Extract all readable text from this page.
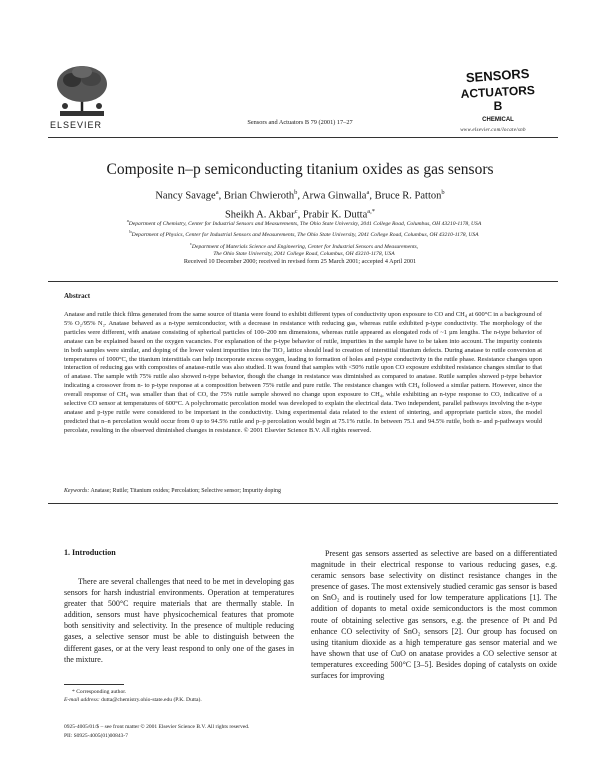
ELSEVIER	Sensors and Actuators B 79 (2001) 17–27
SENSORS
ACTUATORS
B
CHEMICAL
www.elsevier.com/locate/snb
Composite n–p semiconducting titanium oxides as gas sensors
Nancy Savage$^a$, Brian Chwieroth$^b$, Arwa Ginwalla$^a$, Bruce R. Patton$^b$
Sheikh A. Akbar$^c$, Prabir K. Dutta$^{a,*}$
$^a$Department of Chemistry, Center for Industrial Sensors and Measurements, The Ohio State University, 2041 College Road, Columbus, OH 43210-1178, USA
$^b$Department of Physics, Center for Industrial Sensors and Measurements, The Ohio State University, 2041 College Road, Columbus, OH 43210-1178, USA
$^c$Department of Materials Science and Engineering, Center for Industrial Sensors and Measurements,
The Ohio State University, 2041 College Road, Columbus, OH 43210-1178, USA
Received 10 December 2000; received in revised form 25 March 2001; accepted 4 April 2001
Abstract
Anatase and rutile thick films generated from the same source of titania were found to exhibit different types of conductivity upon exposure to CO and CH₄ at 600°C in a background of 5% O₂/95% N₂. Anatase behaved as a n-type semiconductor, with a decrease in resistance with reducing gas, whereas rutile exhibited p-type conductivity. The morphology of the particles were different, with anatase consisting of spherical particles of 100–200 nm dimensions, whereas rutile appeared as elongated rods of ~1 µm lengths. The n-type behavior of anatase can be explained based on the oxygen vacancies. For explanation of the p-type behavior of rutile, impurities in the sample have to be taken into account. The impurity contents in both samples were similar, and doping of the lower valent impurities into the TiO₂ lattice should lead to creation of interstitial titanium defects. During anatase to rutile conversion at temperatures of 1000°C, the titanium interstitials can help incorporate excess oxygen, leading to formation of holes and p-type conductivity in the rutile phase. Resistance changes upon interaction of reducing gas with composites of anatase-rutile was also studied. It was found that samples with <50% rutile upon CO exposure exhibited resistance changes similar to that of anatase. The sample with 75% rutile also showed n-type behavior, though the change in resistance was diminished as compared to anatase. Rutile samples showed p-type behavior indicating a crossover from n- to p-type response at a composition between 75% rutile and pure rutile. The resistance changes with CH₄ followed a similar pattern. However, since the overall response of CH₄ was smaller than that of CO, the 75% rutile sample showed no change upon exposure to CH₄, while exhibiting an n-type response to CO, indicative of a selective CO sensor at temperatures of 600°C. A polychromatic percolation model was developed to explain the electrical data. Two independent, parallel pathways involving the n-type anatase and p-type rutile were considered to be important in the conductivity. Using experimental data related to the extent of sintering, and appropriate particle sizes, the model predicted that n–n percolation would occur from 0 up to 94.5% rutile and p–p percolation would begin at 75.1% rutile. In between 75.1 and 94.5% rutile, both n- and p-pathways would percolate, resulting in the observed diminished changes in resistance. © 2001 Elsevier Science B.V. All rights reserved.
Keywords: Anatase; Rutile; Titanium oxides; Percolation; Selective sensor; Impurity doping
1. Introduction

There are several challenges that need to be met in developing gas sensors for harsh industrial environments. Operation at temperatures greater that 500°C require materials that are thermally stable. In addition, sensors must have physicochemical features that promote both sensitivity and selectivity. In the presence of multiple reducing gases, a selective sensor must be able to distinguish between the different gases, or at the very least respond to only one of the gases in the mixture.

Present gas sensors asserted as selective are based on a differentiated magnitude in their electrical response to various reducing gases, e.g. ceramic sensors base selectivity on distinct resistance changes in the presence of gases. The most extensively studied ceramic gas sensor is based on SnO₂ and is routinely used for low temperature applications [1]. The addition of dopants to metal oxide semiconductors is the most common route of obtaining selective gas sensors, e.g. the presence of Pt and Pd enhance CO selectivity of SnO₂ sensors [2]. Our group has focused on using titanium dioxide as a high temperature gas sensor material and we have shown that use of CuO on anatase provides a CO selective sensor at temperatures exceeding 500°C [3–5]. Besides doping of catalysts on oxide surfaces for improving

* Corresponding author.
E-mail address: dutta@chemistry.ohio-state.edu (P.K. Dutta).
0925-4005/01/$ – see front matter © 2001 Elsevier Science B.V. All rights reserved.
PII: S0925-4005(01)00843-7
